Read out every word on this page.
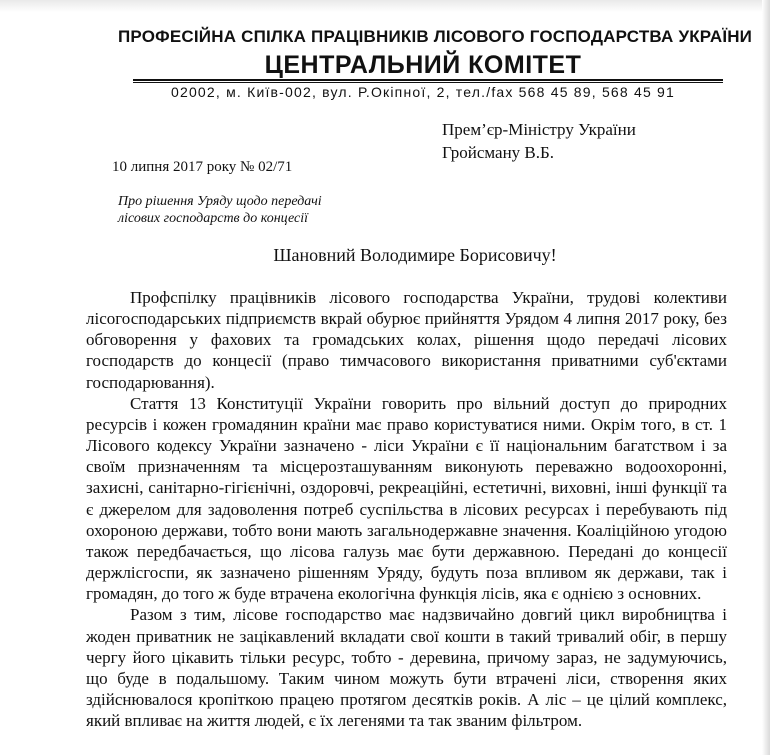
ПРОФЕСІЙНА СПІЛКА ПРАЦІВНИКІВ ЛІСОВОГО ГОСПОДАРСТВА УКРАЇНИ
ЦЕНТРАЛЬНИЙ КОМІТЕТ
02002, м. Київ-002, вул. Р.Окіпної, 2, тел./fax 568 45 89, 568 45 91
Прем’єр-Міністру України
Гройсману В.Б.
10 липня 2017 року № 02/71
Про рішення Уряду щодо передачі
лісових господарств до концесії
Шановний Володимире Борисовичу!

Профспілку працівників лісового господарства України, трудові колективи лісогосподарських підприємств вкрай обурює прийняття Урядом 4 липня 2017 року, без обговорення у фахових та громадських колах, рішення щодо передачі лісових господарств до концесії (право тимчасового використання приватними суб'єктами господарювання).

Стаття 13 Конституції України говорить про вільний доступ до природних ресурсів і кожен громадянин країни має право користуватися ними. Окрім того, в ст. 1 Лісового кодексу України зазначено - ліси України є її національним багатством і за своїм призначенням та місцерозташуванням виконують переважно водоохоронні, захисні, санітарно-гігієнічні, оздоровчі, рекреаційні, естетичні, виховні, інші функції та є джерелом для задоволення потреб суспільства в лісових ресурсах і перебувають під охороною держави, тобто вони мають загальнодержавне значення. Коаліційною угодою також передбачається, що лісова галузь має бути державною. Передані до концесії держлісгоспи, як зазначено рішенням Уряду, будуть поза впливом як держави, так і громадян, до того ж буде втрачена екологічна функція лісів, яка є однією з основних.

Разом з тим, лісове господарство має надзвичайно довгий цикл виробництва і жоден приватник не зацікавлений вкладати свої кошти в такий тривалий обіг, в першу чергу його цікавить тільки ресурс, тобто - деревина, причому зараз, не задумуючись, що буде в подальшому. Таким чином можуть бути втрачені ліси, створення яких здійснювалося кропіткою працею протягом десятків років. А ліс – це цілий комплекс, який впливає на життя людей, є їх легенями та так званим фільтром.
